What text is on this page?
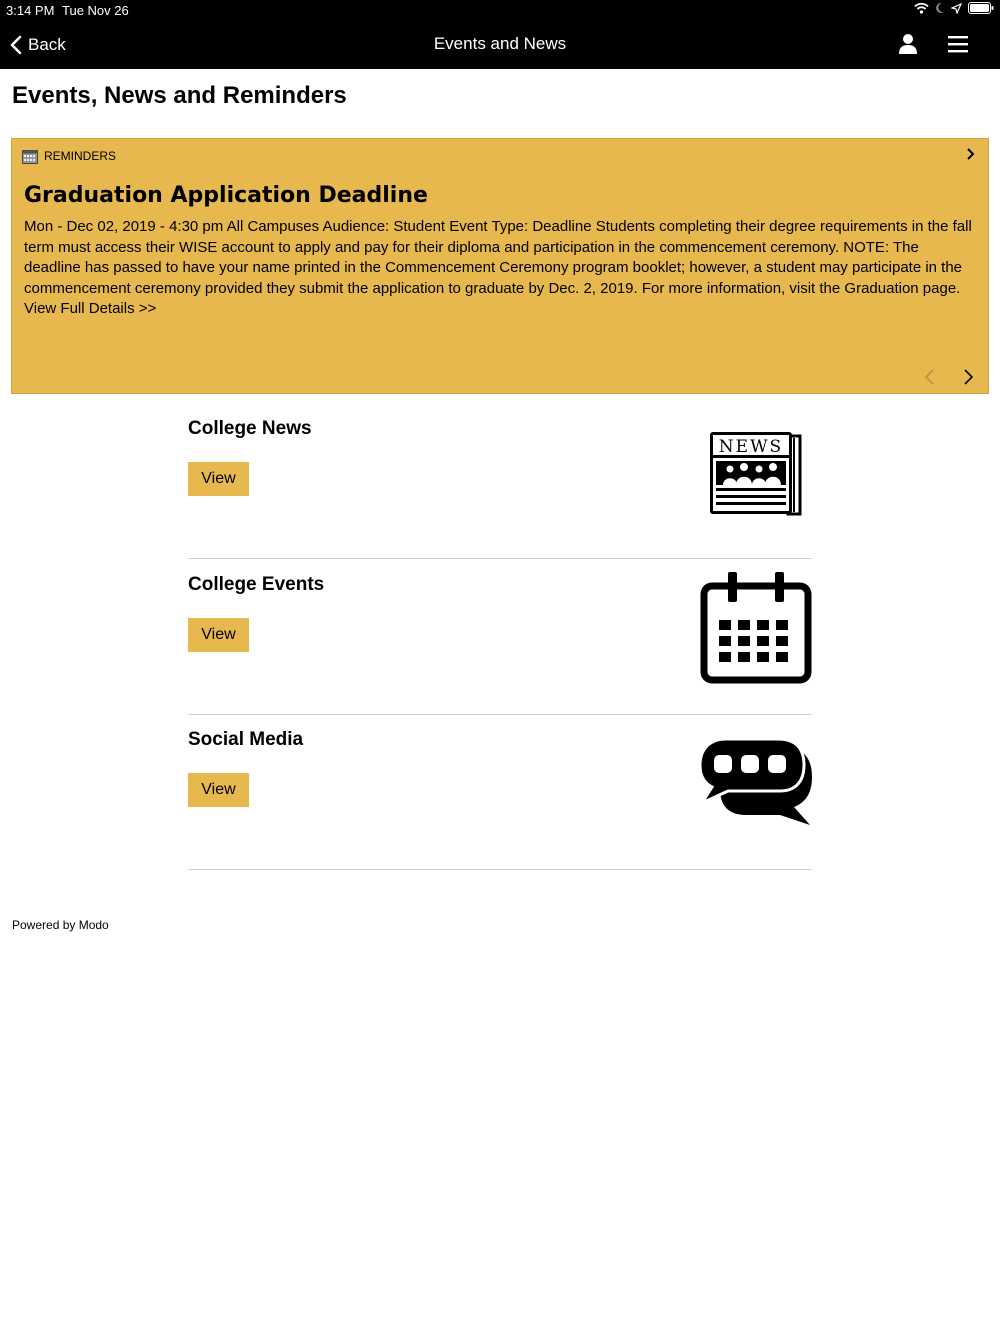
3:14 PM Tue Nov 26
Back	Events and News
Events, News and Reminders
REMINDERS
Graduation Application Deadline
Mon - Dec 02, 2019 - 4:30 pm All Campuses Audience: Student Event Type: Deadline Students completing their degree requirements in the fall term must access their WISE account to apply and pay for their diploma and participation in the commencement ceremony. NOTE: The deadline has passed to have your name printed in the Commencement Ceremony program booklet; however, a student may participate in the commencement ceremony provided they submit the application to graduate by Dec. 2, 2019. For more information, visit the Graduation page. View Full Details >>
College News
View
NEWS
College Events
View
Social Media
View
Powered by Modo
